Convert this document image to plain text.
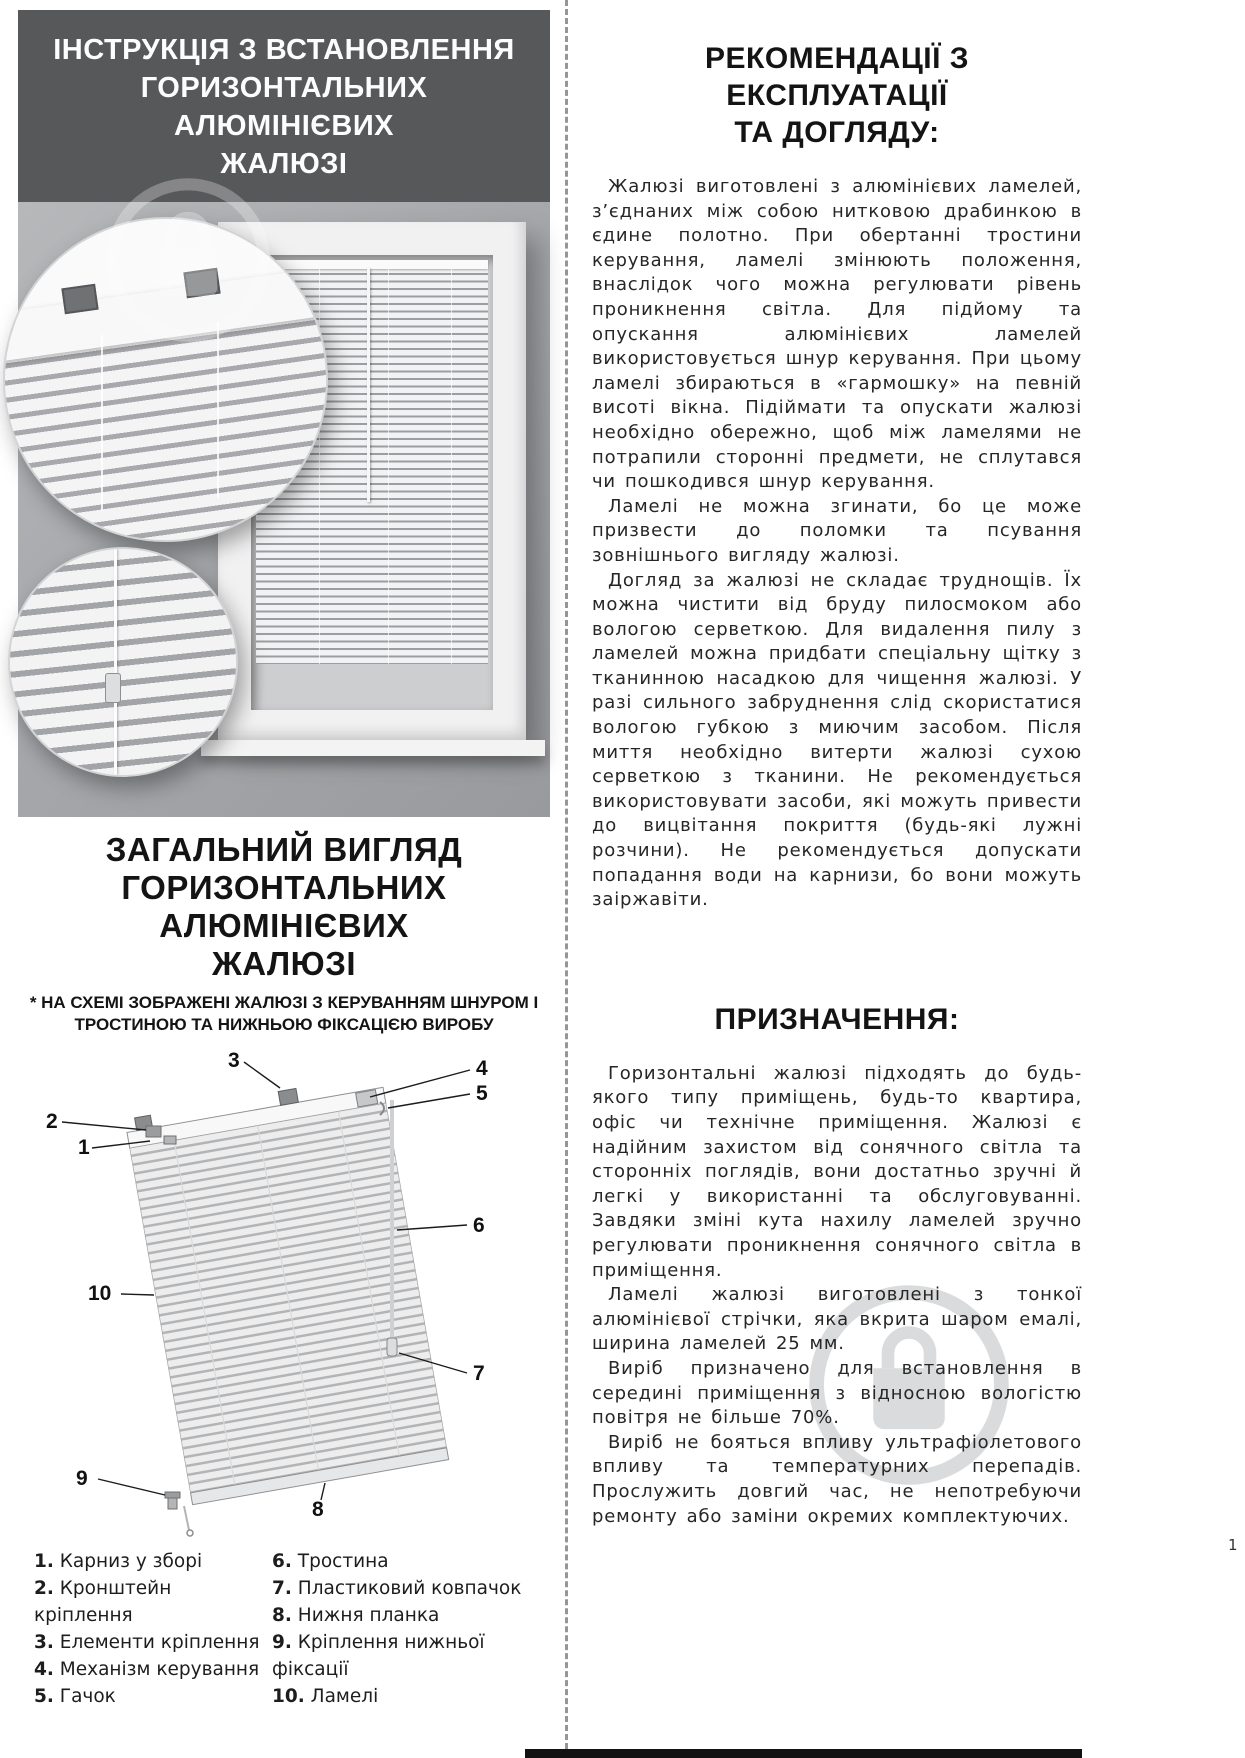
ІНСТРУКЦІЯ З ВСТАНОВЛЕННЯ
ГОРИЗОНТАЛЬНИХ АЛЮМІНІЄВИХ
ЖАЛЮЗІ
ЗАГАЛЬНИЙ ВИГЛЯД
ГОРИЗОНТАЛЬНИХ АЛЮМІНІЄВИХ
ЖАЛЮЗІ
* НА СХЕМІ ЗОБРАЖЕНІ ЖАЛЮЗІ З КЕРУВАННЯМ ШНУРОМ І
ТРОСТИНОЮ ТА НИЖНЬОЮ ФІКСАЦІЄЮ ВИРОБУ
1
2
3	4
5
6
7
8
9
10
1. Карниз у зборі
2. Кронштейн кріплення
3. Елементи кріплення
4. Механізм керування
5. Гачок
6. Тростина
7. Пластиковий ковпачок
8. Нижня планка
9. Кріплення нижньої фіксації
10. Ламелі
РЕКОМЕНДАЦІЇ З ЕКСПЛУАТАЦІЇ
ТА ДОГЛЯДУ:

Жалюзі виготовлені з алюмінієвих ламелей, з’єднаних між собою нитковою драбинкою в єдине полотно. При обертанні тростини керування, ламелі змінюють положення, внаслідок чого можна регулювати рівень проникнення світла. Для підйому та опускання алюмінієвих ламелей використовується шнур керування. При цьому ламелі збираються в «гармошку» на певній висоті вікна. Підіймати та опускати жалюзі необхідно обережно, щоб між ламелями не потрапили сторонні предмети, не сплутався чи пошкодився шнур керування.

Ламелі не можна згинати, бо це може призвести до поломки та псування зовнішнього вигляду жалюзі.

Догляд за жалюзі не складає труднощів. Їх можна чистити від бруду пилосмоком або вологою серветкою. Для видалення пилу з ламелей можна придбати спеціальну щітку з тканинною насадкою для чищення жалюзі. У разі сильного забруднення слід скористатися вологою губкою з миючим засобом. Після миття необхідно витерти жалюзі сухою серветкою з тканини. Не рекомендується використовувати засоби, які можуть привести до вицвітання покриття (будь-які лужні розчини). Не рекомендується допускати попадання води на карнизи, бо вони можуть заіржавіти.

ПРИЗНАЧЕННЯ:

Горизонтальні жалюзі підходять до будь-якого типу приміщень, будь-то квартира, офіс чи технічне приміщення. Жалюзі є надійним захистом від сонячного світла та сторонніх поглядів, вони достатньо зручні й легкі у використанні та обслуговуванні. Завдяки зміні кута нахилу ламелей зручно регулювати проникнення сонячного світла в приміщення.

Ламелі жалюзі виготовлені з тонкої алюмінієвої стрічки, яка вкрита шаром емалі, ширина ламелей 25 мм.

Виріб призначено для встановлення в середині приміщення з відносною вологістю повітря не більше 70%.

Виріб не бояться впливу ультрафіолетового впливу та температурних перепадів. Прослужить довгий час, не непотребуючи ремонту або заміни окремих комплектуючих.

1
